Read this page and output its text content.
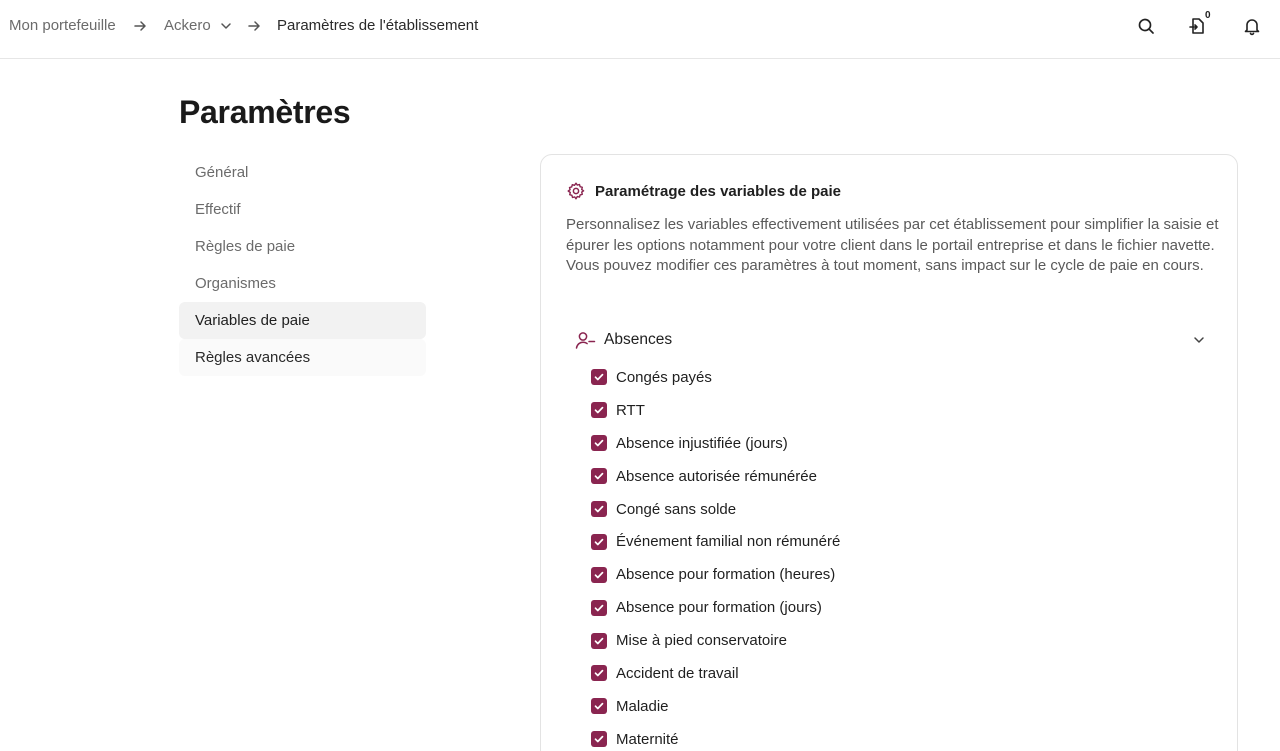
Mon portefeuille	Ackero	Paramètres de l'établissement
0
Paramètres
Général
Effectif
Règles de paie
Organismes
Variables de paie
Règles avancées
Paramétrage des variables de paie

Personnalisez les variables effectivement utilisées par cet établissement pour simplifier la saisie et épurer les options notamment pour votre client dans le portail entreprise et dans le fichier navette. Vous pouvez modifier ces paramètres à tout moment, sans impact sur le cycle de paie en cours.

Absences
Congés payés
RTT
Absence injustifiée (jours)
Absence autorisée rémunérée
Congé sans solde
Événement familial non rémunéré
Absence pour formation (heures)
Absence pour formation (jours)
Mise à pied conservatoire
Accident de travail
Maladie
Maternité
